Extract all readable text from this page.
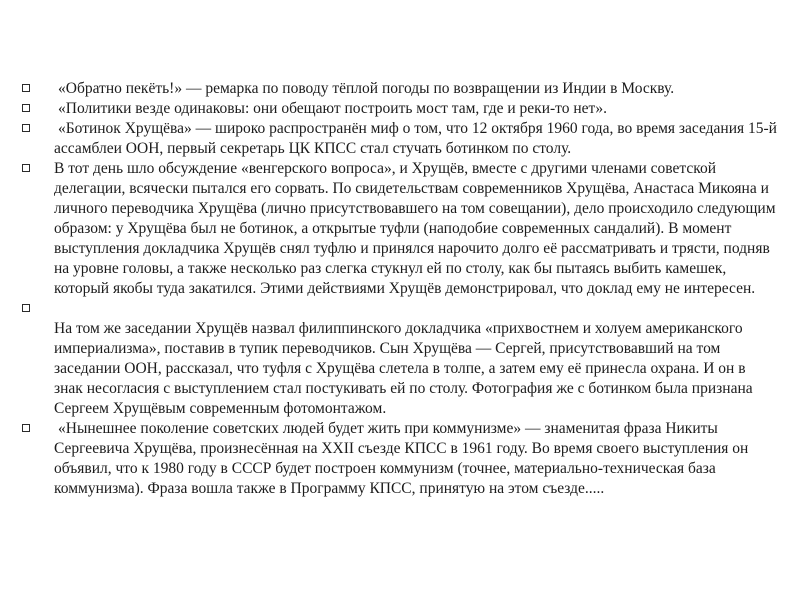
«Обратно пекёть!» — ремарка по поводу тёплой погоды по возвращении из Индии в Москву.
«Политики везде одинаковы: они обещают построить мост там, где и реки-то нет».
«Ботинок Хрущёва» — широко распространён миф о том, что 12 октября 1960 года, во время заседания 15-й ассамблеи ООН, первый секретарь ЦК КПСС стал стучать ботинком по столу.
В тот день шло обсуждение «венгерского вопроса», и Хрущёв, вместе с другими членами советской делегации, всячески пытался его сорвать. По свидетельствам современников Хрущёва, Анастаса Микояна и личного переводчика Хрущёва (лично присутствовавшего на том совещании), дело происходило следующим образом: у Хрущёва был не ботинок, а открытые туфли (наподобие современных сандалий). В момент выступления докладчика Хрущёв снял туфлю и принялся нарочито долго её рассматривать и трясти, подняв на уровне головы, а также несколько раз слегка стукнул ей по столу, как бы пытаясь выбить камешек, который якобы туда закатился. Этими действиями Хрущёв демонстрировал, что доклад ему не интересен.
На том же заседании Хрущёв назвал филиппинского докладчика «прихвостнем и холуем американского империализма», поставив в тупик переводчиков. Сын Хрущёва — Сергей, присутствовавший на том заседании ООН, рассказал, что туфля с Хрущёва слетела в толпе, а затем ему её принесла охрана. И он в знак несогласия с выступлением стал постукивать ей по столу. Фотография же с ботинком была признана Сергеем Хрущёвым современным фотомонтажом.
«Нынешнее поколение советских людей будет жить при коммунизме» — знаменитая фраза Никиты Сергеевича Хрущёва, произнесённая на XXII съезде КПСС в 1961 году. Во время своего выступления он объявил, что к 1980 году в СССР будет построен коммунизм (точнее, материально-техническая база коммунизма). Фраза вошла также в Программу КПСС, принятую на этом съезде.....
